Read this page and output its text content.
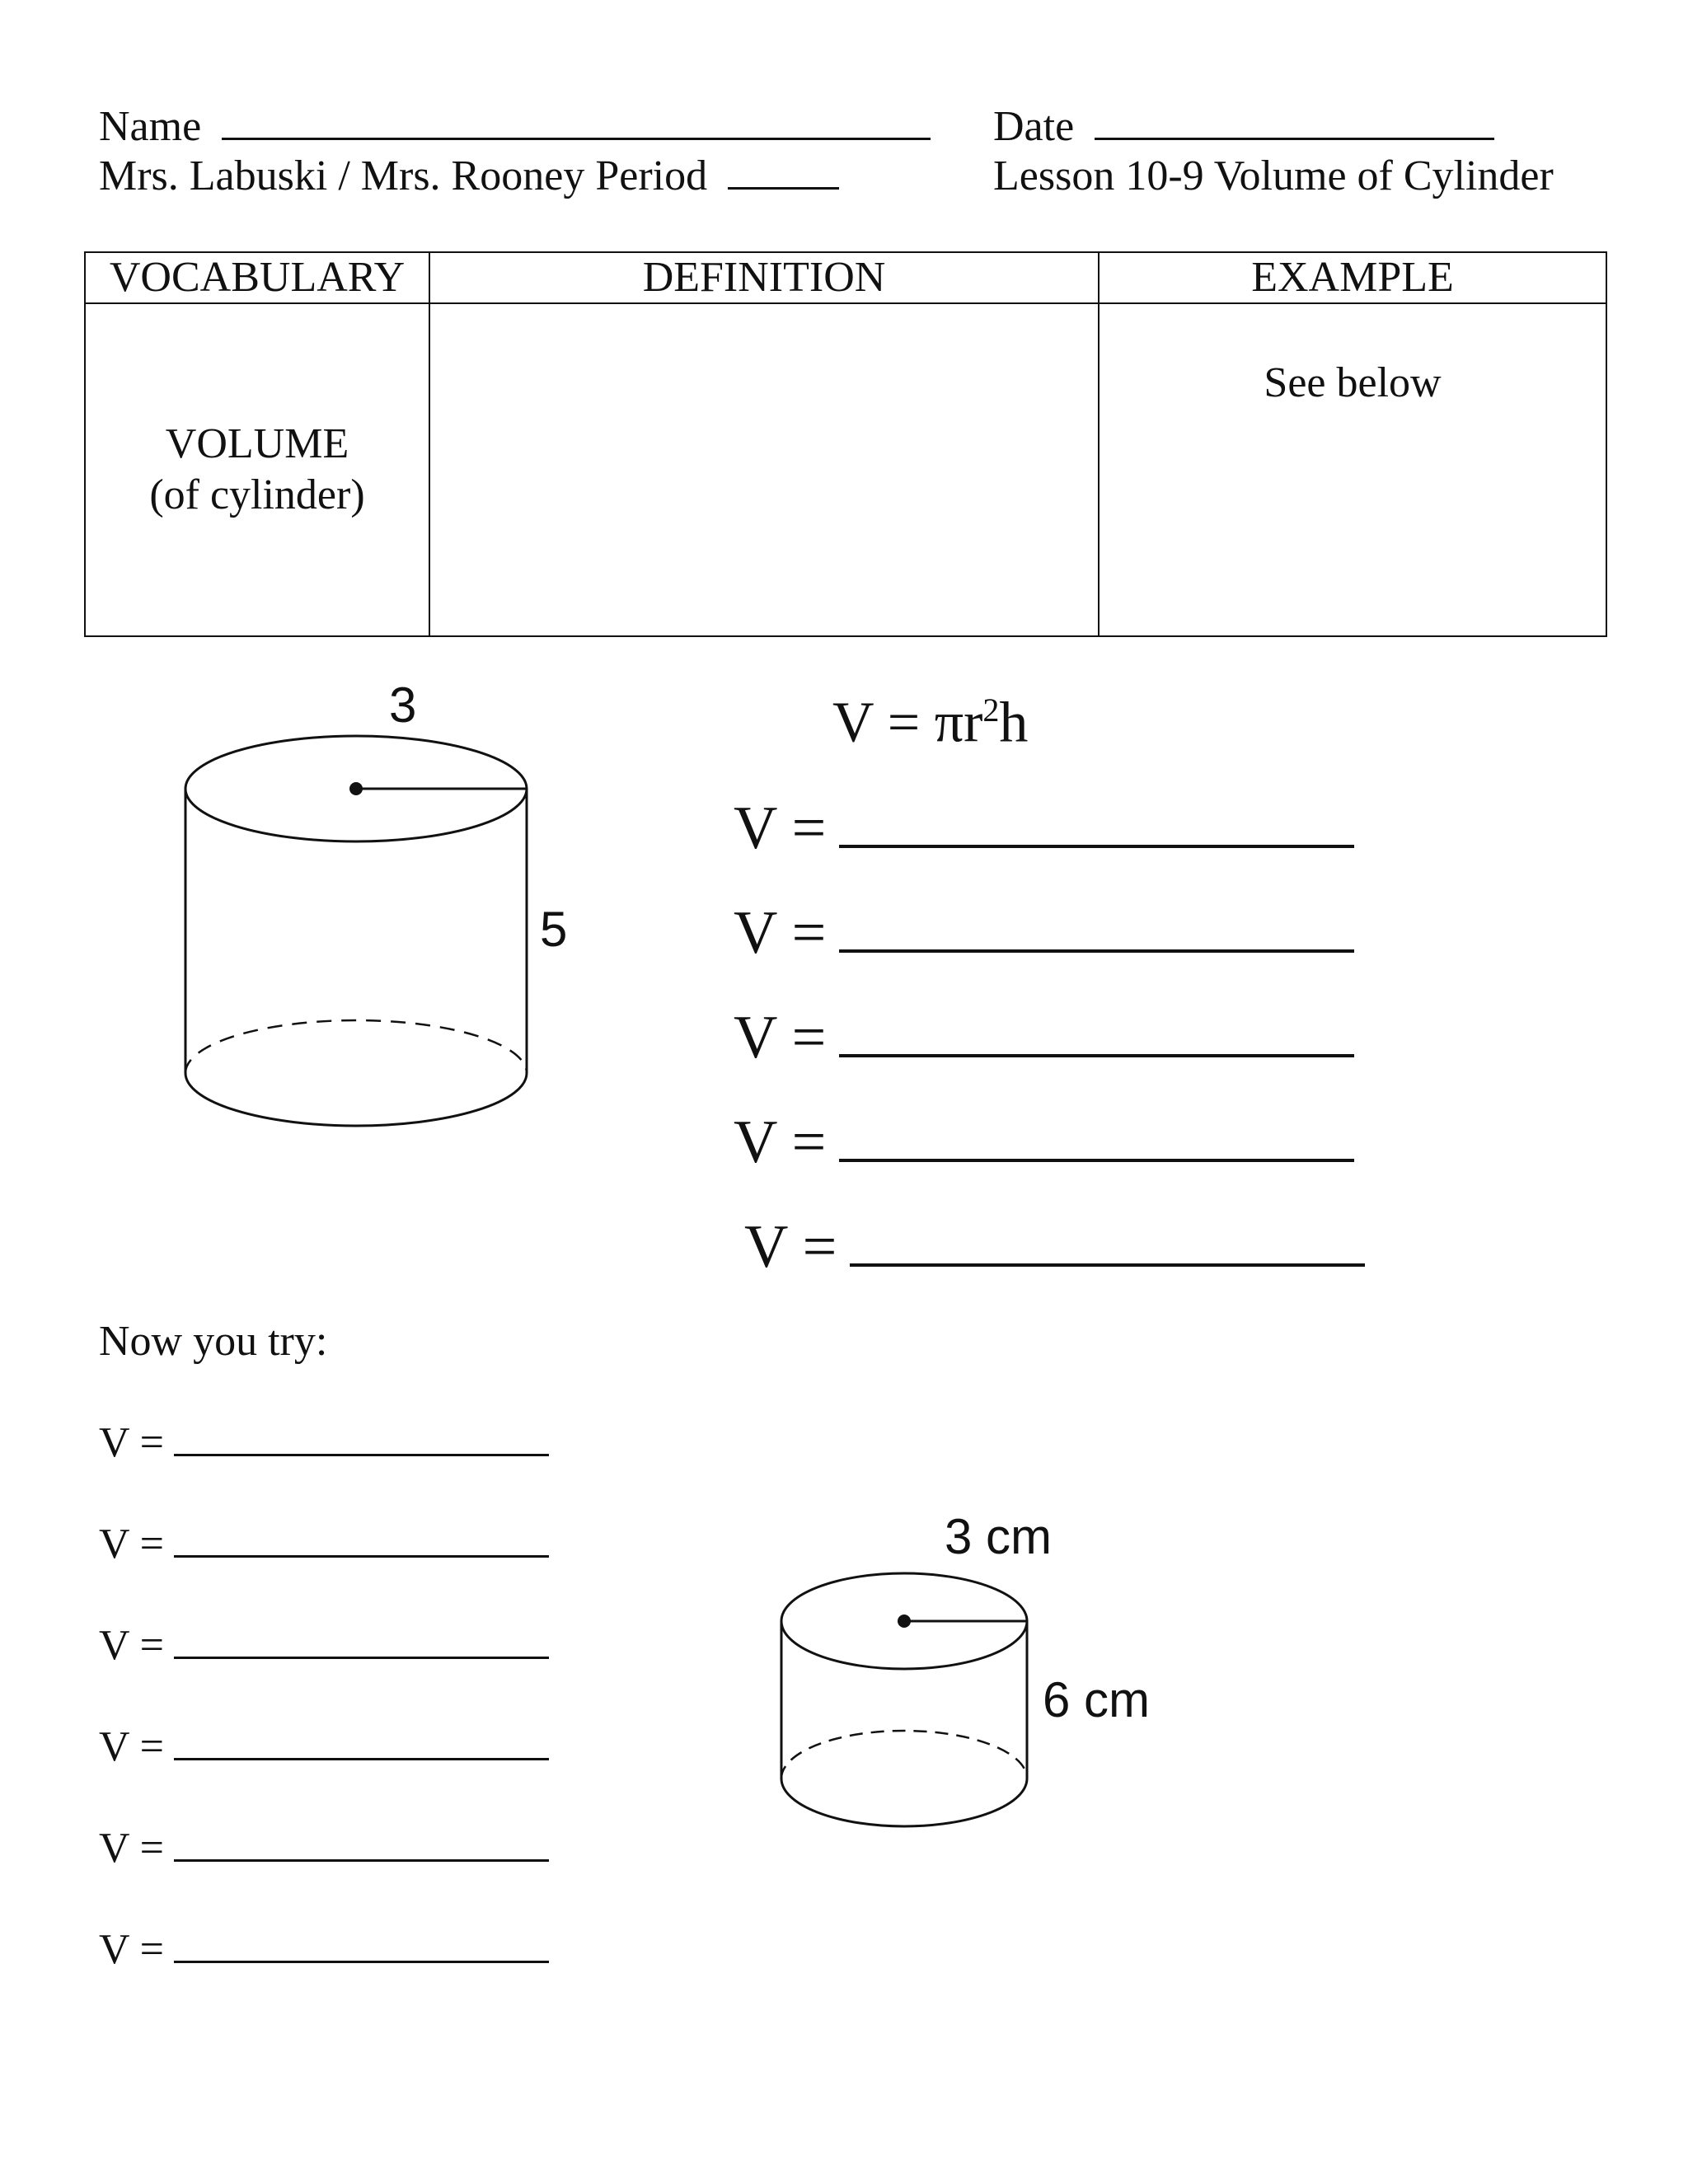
Name	Date
Mrs. Labuski / Mrs. Rooney Period	Lesson 10-9 Volume of Cylinder
VOCABULARY	DEFINITION	EXAMPLE

VOLUME
(of cylinder)		See below
3
5
$V = \pi r^2h$
V =
V =
V =
V =
V =
Now you try:
V =
V =
V =
V =
V =
V =
3 cm
6 cm
